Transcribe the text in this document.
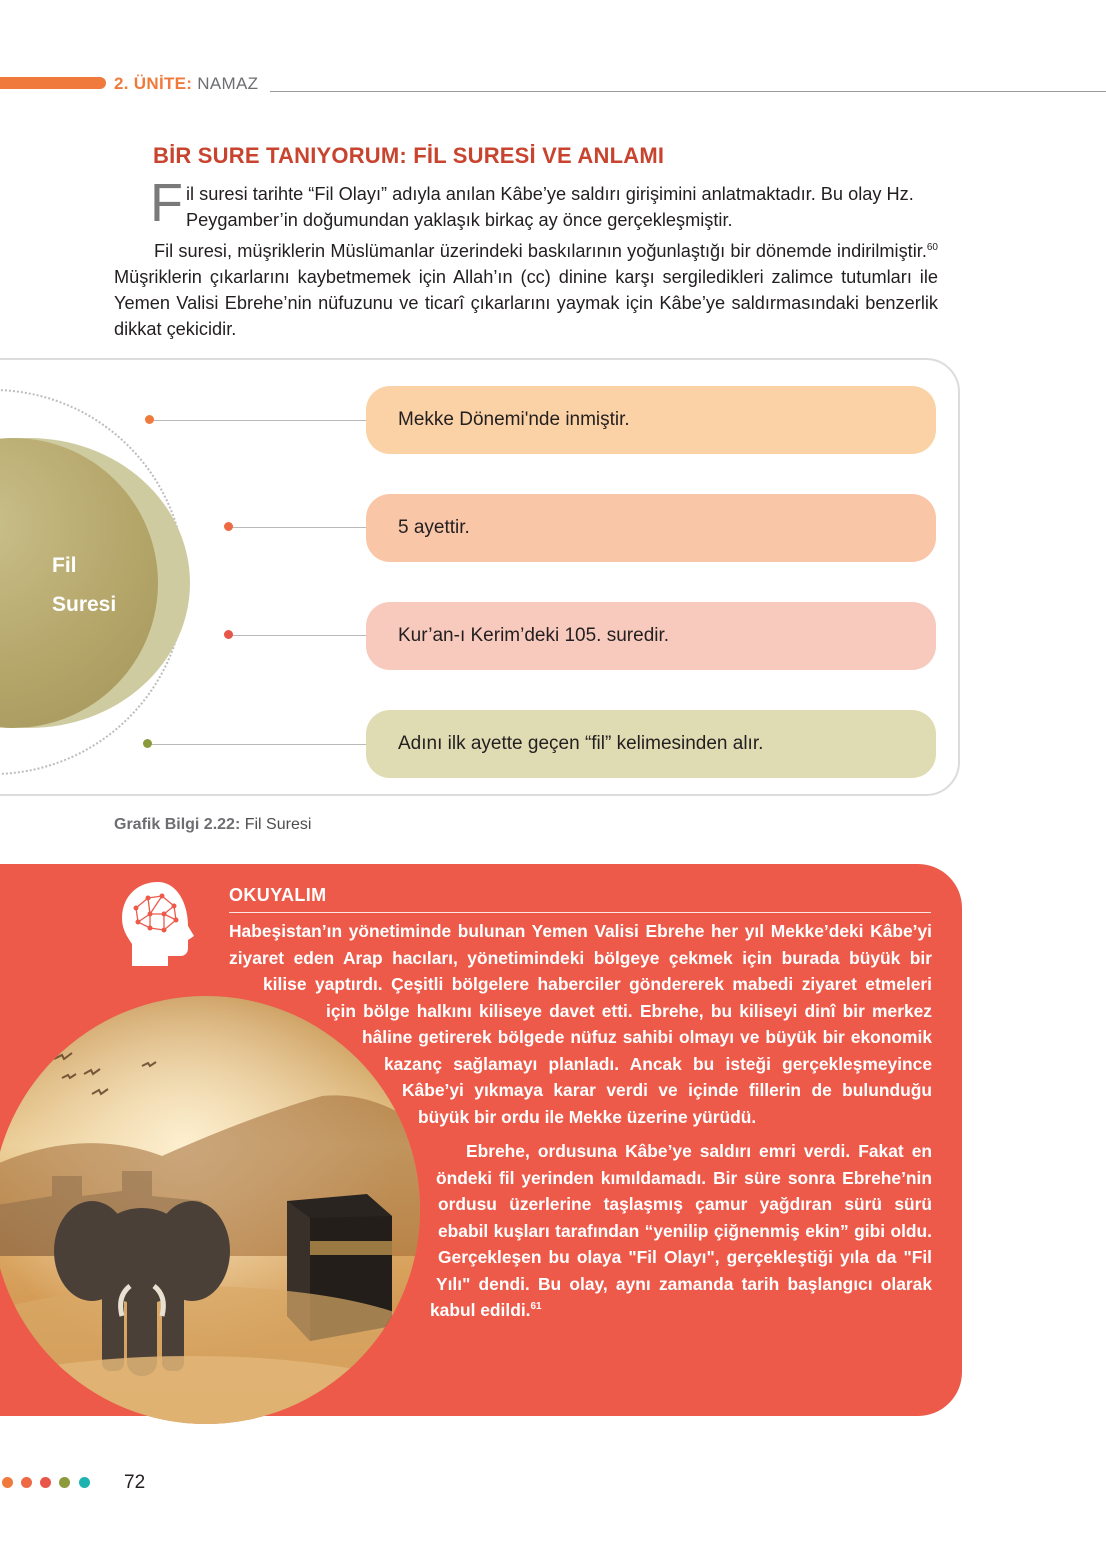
2. ÜNİTE: NAMAZ
BİR SURE TANIYORUM: FİL SURESİ VE ANLAMI
F il suresi tarihte “Fil Olayı” adıyla anılan Kâbe’ye saldırı girişimini anlatmaktadır. Bu olay Hz. Peygamber’in doğumundan yaklaşık birkaç ay önce gerçekleşmiştir.
Fil suresi, müşriklerin Müslümanlar üzerindeki baskılarının yoğunlaştığı bir dönemde indirilmiştir.$^{60}$ Müşriklerin çıkarlarını kaybetmemek için Allah’ın (cc) dinine karşı sergiledikleri zalimce tutumları ile Yemen Valisi Ebrehe’nin nüfuzunu ve ticarî çıkarlarını yaymak için Kâbe’ye saldırmasındaki benzerlik dikkat çekicidir.
Fil
Suresi
Mekke Dönemi'nde inmiştir.
5 ayettir.
Kur’an-ı Kerim’deki 105. suredir.
Adını ilk ayette geçen “fil” kelimesinden alır.
Grafik Bilgi 2.22: Fil Suresi
OKUYALIM

Habeşistan’ın yönetiminde bulunan Yemen Valisi Ebrehe her yıl Mekke’deki Kâbe’yi ziyaret eden Arap hacıları, yönetimindeki bölgeye çekmek için burada büyük bir kilise yaptırdı. Çeşitli bölgelere haberciler göndererek mabedi ziyaret etmeleri için bölge halkını kiliseye davet etti. Ebrehe, bu kiliseyi dinî bir merkez hâline getirerek bölgede nüfuz sahibi olmayı ve büyük bir ekonomik kazanç sağlamayı planladı. Ancak bu isteği gerçekleşmeyince Kâbe’yi yıkmaya karar verdi ve içinde fillerin de bulunduğu büyük bir ordu ile Mekke üzerine yürüdü.

Ebrehe, ordusuna Kâbe’ye saldırı emri verdi. Fakat en öndeki fil yerinden kımıldamadı. Bir süre sonra Ebrehe’nin ordusu üzerlerine taşlaşmış çamur yağdıran sürü sürü ebabil kuşları tarafından “yenilip çiğnenmiş ekin” gibi oldu. Gerçekleşen bu olaya "Fil Olayı", gerçekleştiği yıla da "Fil Yılı" dendi. Bu olay, aynı zamanda tarih başlangıcı olarak kabul edildi.$^{61}$

72
